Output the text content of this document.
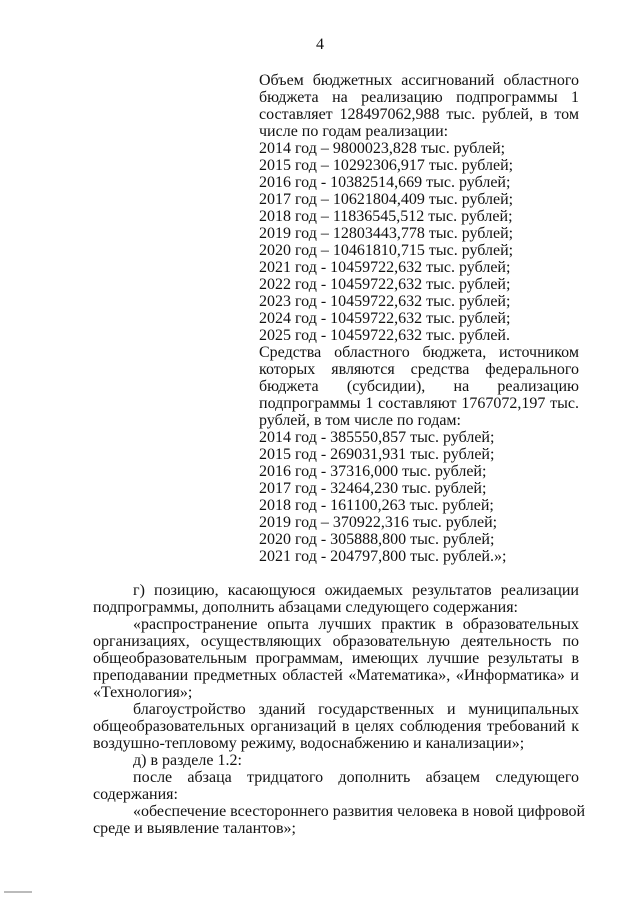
4
Объем бюджетных ассигнований областного
бюджета на реализацию подпрограммы 1
составляет 128497062,988 тыс. рублей, в том
числе по годам реализации:
2014 год – 9800023,828 тыс. рублей;
2015 год – 10292306,917 тыс. рублей;
2016 год - 10382514,669 тыс. рублей;
2017 год – 10621804,409 тыс. рублей;
2018 год – 11836545,512 тыс. рублей;
2019 год – 12803443,778 тыс. рублей;
2020 год – 10461810,715 тыс. рублей;
2021 год - 10459722,632 тыс. рублей;
2022 год - 10459722,632 тыс. рублей;
2023 год - 10459722,632 тыс. рублей;
2024 год - 10459722,632 тыс. рублей;
2025 год - 10459722,632 тыс. рублей.
Средства областного бюджета, источником
которых являются средства федерального
бюджета (субсидии), на реализацию
подпрограммы 1 составляют 1767072,197 тыс.
рублей, в том числе по годам:
2014 год - 385550,857 тыс. рублей;
2015 год - 269031,931 тыс. рублей;
2016 год - 37316,000 тыс. рублей;
2017 год - 32464,230 тыс. рублей;
2018 год - 161100,263 тыс. рублей;
2019 год – 370922,316 тыс. рублей;
2020 год - 305888,800 тыс. рублей;
2021 год - 204797,800 тыс. рублей.»;
г) позицию, касающуюся ожидаемых результатов реализации
подпрограммы, дополнить абзацами следующего содержания:
«распространение опыта лучших практик в образовательных
организациях, осуществляющих образовательную деятельность по
общеобразовательным программам, имеющих лучшие результаты в
преподавании предметных областей «Математика», «Информатика» и
«Технология»;
благоустройство зданий государственных и муниципальных
общеобразовательных организаций в целях соблюдения требований к
воздушно-тепловому режиму, водоснабжению и канализации»;
д) в разделе 1.2:
после абзаца тридцатого дополнить абзацем следующего
содержания:
«обеспечение всестороннего развития человека в новой цифровой
среде и выявление талантов»;
